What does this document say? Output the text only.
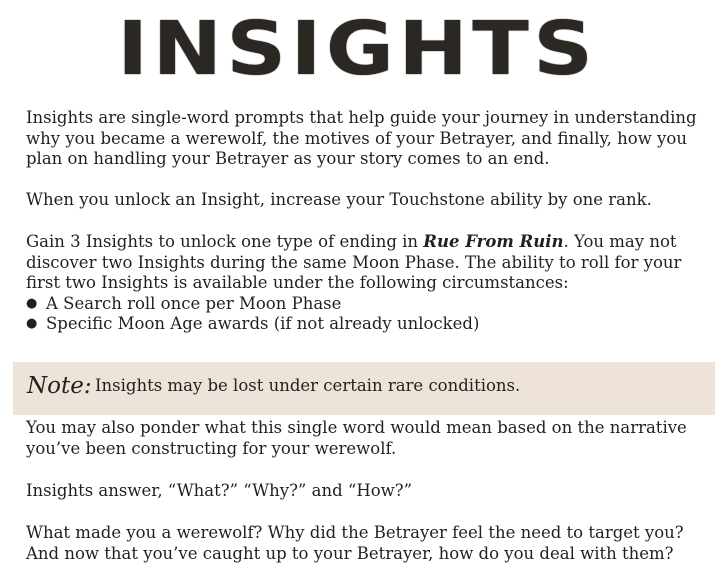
INSIGHTS

Insights are single-word prompts that help guide your journey in understanding why you became a werewolf, the motives of your Betrayer, and finally, how you plan on handling your Betrayer as your story comes to an end.

When you unlock an Insight, increase your Touchstone ability by one rank.

Gain 3 Insights to unlock one type of ending in Rue From Ruin. You may not discover two Insights during the same Moon Phase. The ability to roll for your first two Insights is available under the following circumstances:
● A Search roll once per Moon Phase
● Specific Moon Age awards (if not already unlocked)
Note: Insights may be lost under certain rare conditions.

You may also ponder what this single word would mean based on the narrative you’ve been constructing for your werewolf.

Insights answer, “What?” “Why?” and “How?”

What made you a werewolf? Why did the Betrayer feel the need to target you? And now that you’ve caught up to your Betrayer, how do you deal with them?
